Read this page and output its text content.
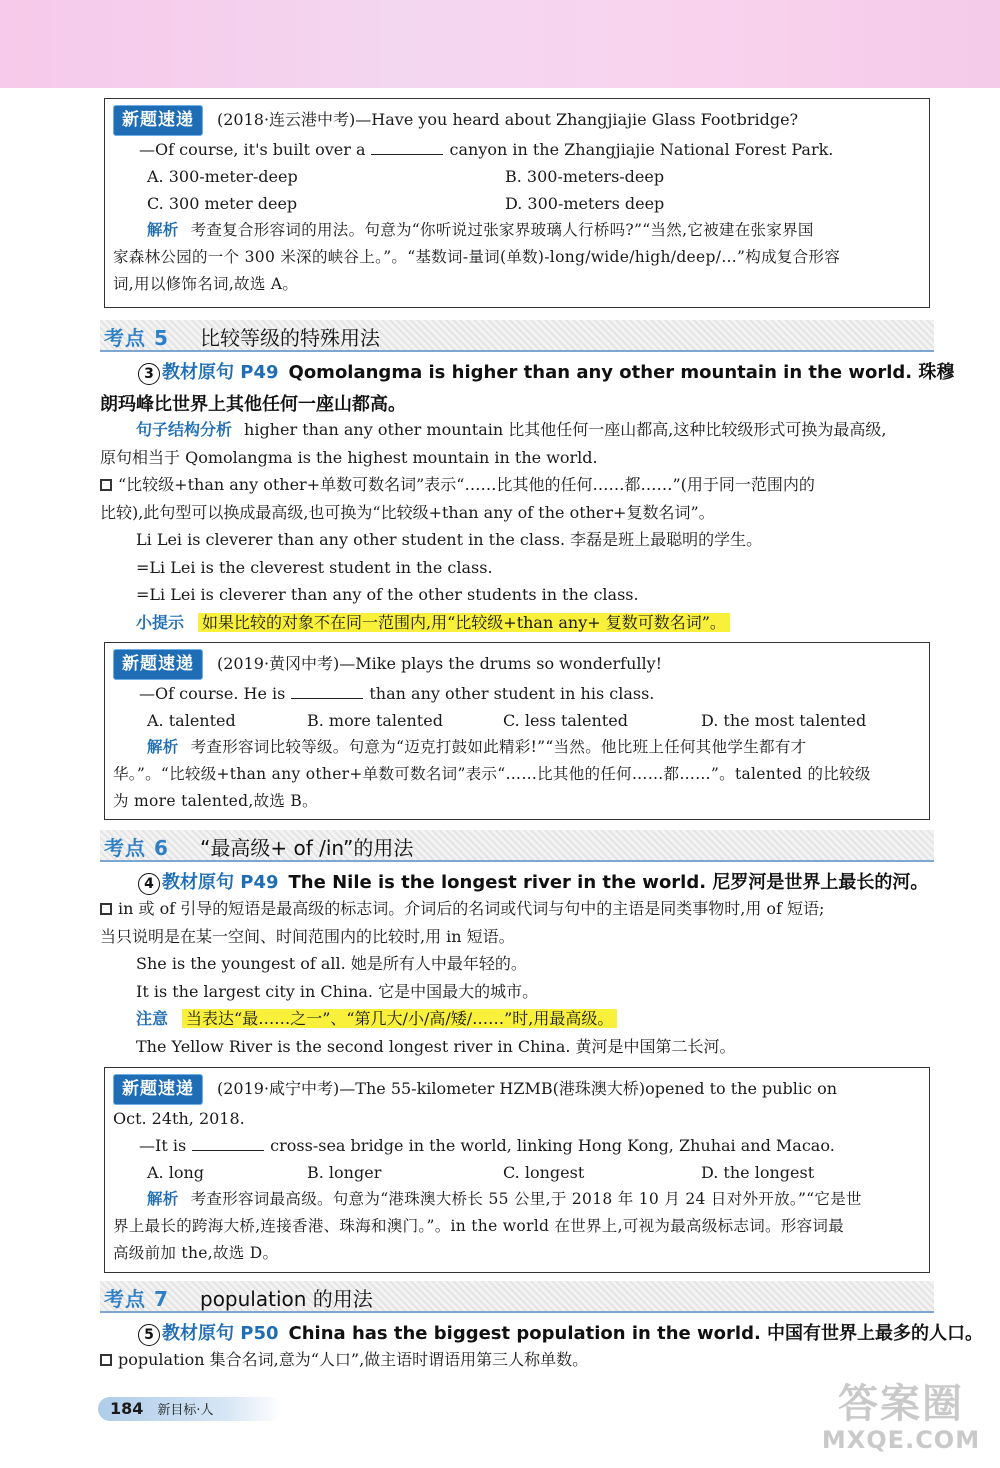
新题速递 (2018·连云港中考)—Have you heard about Zhangjiajie Glass Footbridge?
—Of course, it's built over a	canyon in the Zhangjiajie National Forest Park.
A. 300-meter-deep	B. 300-meters-deep
C. 300 meter deep	D. 300-meters deep
解析 考查复合形容词的用法。句意为“你听说过张家界玻璃人行桥吗?”“当然,它被建在张家界国
家森林公园的一个 300 米深的峡谷上。”。“基数词-量词(单数)-long/wide/high/deep/…”构成复合形容
词,用以修饰名词,故选 A。
考点 5 比较等级的特殊用法
3 教材原句 P49 Qomolangma is higher than any other mountain in the world. 珠穆
朗玛峰比世界上其他任何一座山都高。
句子结构分析 higher than any other mountain 比其他任何一座山都高,这种比较级形式可换为最高级,
原句相当于 Qomolangma is the highest mountain in the world.
“比较级+than any other+单数可数名词”表示“……比其他的任何……都……”(用于同一范围内的
比较),此句型可以换成最高级,也可换为“比较级+than any of the other+复数名词”。
Li Lei is cleverer than any other student in the class. 李磊是班上最聪明的学生。
=Li Lei is the cleverest student in the class.
=Li Lei is cleverer than any of the other students in the class.
小提示 如果比较的对象不在同一范围内,用“比较级+than any+ 复数可数名词”。
新题速递 (2019·黄冈中考)—Mike plays the drums so wonderfully!
—Of course. He is	than any other student in his class.
A. talented	B. more talented	C. less talented	D. the most talented
解析 考查形容词比较等级。句意为“迈克打鼓如此精彩!”“当然。他比班上任何其他学生都有才
华。”。“比较级+than any other+单数可数名词”表示“……比其他的任何……都……”。talented 的比较级
为 more talented,故选 B。
考点 6 “最高级+ of /in”的用法
4 教材原句 P49 The Nile is the longest river in the world. 尼罗河是世界上最长的河。
in 或 of 引导的短语是最高级的标志词。介词后的名词或代词与句中的主语是同类事物时,用 of 短语;
当只说明是在某一空间、时间范围内的比较时,用 in 短语。
She is the youngest of all. 她是所有人中最年轻的。
It is the largest city in China. 它是中国最大的城市。
注意 当表达“最……之一”、“第几大/小/高/矮/……”时,用最高级。
The Yellow River is the second longest river in China. 黄河是中国第二长河。
新题速递 (2019·咸宁中考)—The 55-kilometer HZMB(港珠澳大桥)opened to the public on
Oct. 24th, 2018.
—It is	cross-sea bridge in the world, linking Hong Kong, Zhuhai and Macao.
A. long	B. longer	C. longest	D. the longest
解析 考查形容词最高级。句意为“港珠澳大桥长 55 公里,于 2018 年 10 月 24 日对外开放。”“它是世
界上最长的跨海大桥,连接香港、珠海和澳门。”。in the world 在世界上,可视为最高级标志词。形容词最
高级前加 the,故选 D。
考点 7 population 的用法
5 教材原句 P50 China has the biggest population in the world. 中国有世界上最多的人口。
population 集合名词,意为“人口”,做主语时谓语用第三人称单数。
184 新目标·人	答案圈
MXQE.COM
